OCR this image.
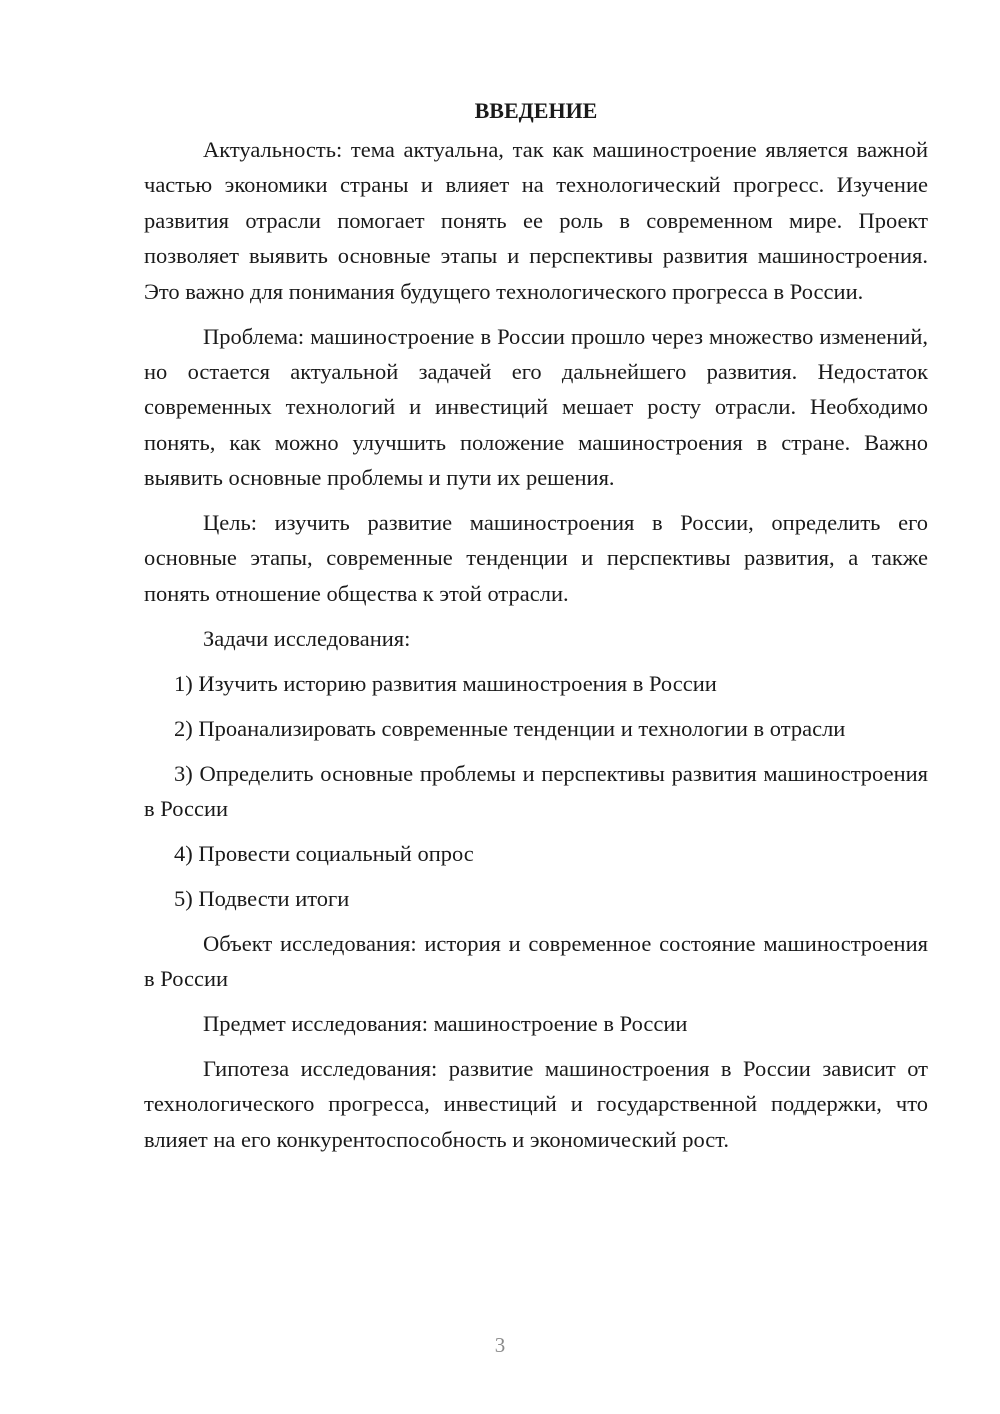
ВВЕДЕНИЕ

Актуальность: тема актуальна, так как машиностроение является важной частью экономики страны и влияет на технологический прогресс. Изучение развития отрасли помогает понять ее роль в современном мире. Проект позволяет выявить основные этапы и перспективы развития машиностроения. Это важно для понимания будущего технологического прогресса в России.

Проблема: машиностроение в России прошло через множество изменений, но остается актуальной задачей его дальнейшего развития. Недостаток современных технологий и инвестиций мешает росту отрасли. Необходимо понять, как можно улучшить положение машиностроения в стране. Важно выявить основные проблемы и пути их решения.

Цель: изучить развитие машиностроения в России, определить его основные этапы, современные тенденции и перспективы развития, а также понять отношение общества к этой отрасли.

Задачи исследования:

1) Изучить историю развития машиностроения в России

2) Проанализировать современные тенденции и технологии в отрасли

3) Определить основные проблемы и перспективы развития машиностроения в России

4) Провести социальный опрос

5) Подвести итоги

Объект исследования: история и современное состояние машиностроения в России

Предмет исследования: машиностроение в России

Гипотеза исследования: развитие машиностроения в России зависит от технологического прогресса, инвестиций и государственной поддержки, что влияет на его конкурентоспособность и экономический рост.

3
